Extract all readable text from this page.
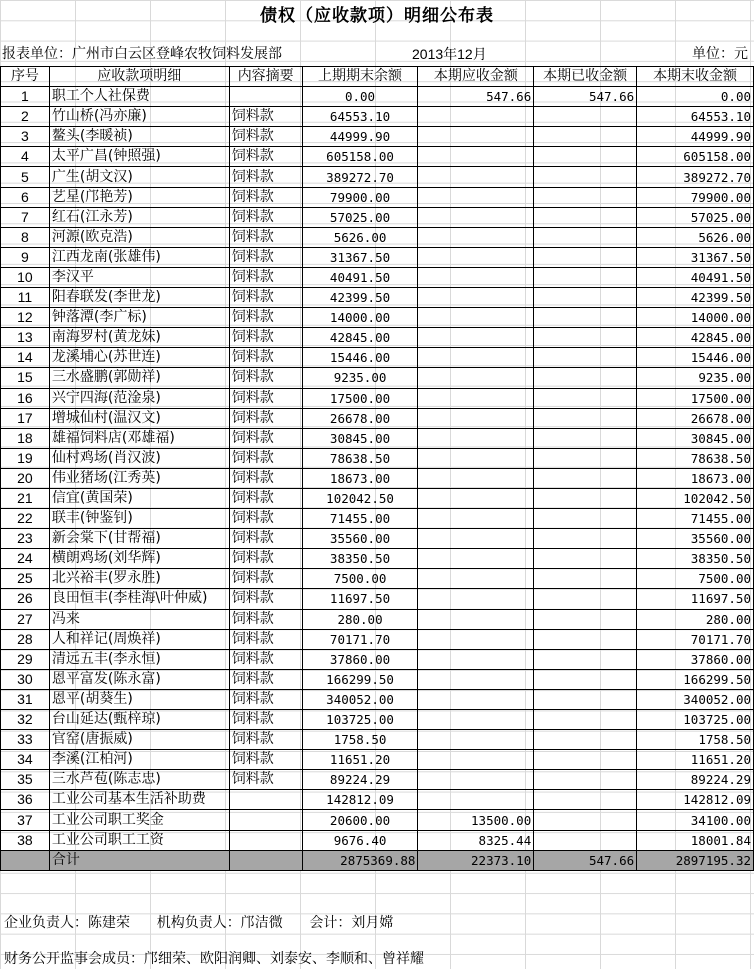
债权（应收款项）明细公布表
报表单位：广州市白云区登峰农牧饲料发展部	2013年12月	单位：元
序号	应收款项明细	内容摘要	上期期末余额	本期应收金额	本期已收金额	本期末收金额
1	职工个人社保费		0.00	547.66	547.66	0.00
2	竹山桥(冯亦廉)	饲料款	64553.10			64553.10
3	鳌头(李暖祯)	饲料款	44999.90			44999.90
4	太平广昌(钟照强)	饲料款	605158.00			605158.00
5	广生(胡文汉)	饲料款	389272.70			389272.70
6	艺星(邝艳芳)	饲料款	79900.00			79900.00
7	红石(江永芳)	饲料款	57025.00			57025.00
8	河源(欧克浩)	饲料款	5626.00			5626.00
9	江西龙南(张雄伟)	饲料款	31367.50			31367.50
10	李汉平	饲料款	40491.50			40491.50
11	阳春联发(李世龙)	饲料款	42399.50			42399.50
12	钟落潭(李广标)	饲料款	14000.00			14000.00
13	南海罗村(黄龙妹)	饲料款	42845.00			42845.00
14	龙溪埔心(苏世连)	饲料款	15446.00			15446.00
15	三水盛鹏(郭勋祥)	饲料款	9235.00			9235.00
16	兴宁四海(范淦泉)	饲料款	17500.00			17500.00
17	增城仙村(温汉文)	饲料款	26678.00			26678.00
18	雄福饲料店(邓雄福)	饲料款	30845.00			30845.00
19	仙村鸡场(肖汉波)	饲料款	78638.50			78638.50
20	伟业猪场(江秀英)	饲料款	18673.00			18673.00
21	信宜(黄国荣)	饲料款	102042.50			102042.50
22	联丰(钟鉴钊)	饲料款	71455.00			71455.00
23	新会棠下(甘帮福)	饲料款	35560.00			35560.00
24	横朗鸡场(刘华辉)	饲料款	38350.50			38350.50
25	北兴裕丰(罗永胜)	饲料款	7500.00			7500.00
26	良田恒丰(李桂海\叶仲威)	饲料款	11697.50			11697.50
27	冯来	饲料款	280.00			280.00
28	人和祥记(周焕祥)	饲料款	70171.70			70171.70
29	清远五丰(李永恒)	饲料款	37860.00			37860.00
30	恩平富发(陈永富)	饲料款	166299.50			166299.50
31	恩平(胡葵生)	饲料款	340052.00			340052.00
32	台山延达(甄梓琼)	饲料款	103725.00			103725.00
33	官窑(唐振威)	饲料款	1758.50			1758.50
34	李溪(江柏河)	饲料款	11651.20			11651.20
35	三水芦苞(陈志忠)	饲料款	89224.29			89224.29
36	工业公司基本生活补助费		142812.09			142812.09
37	工业公司职工奖金		20600.00	13500.00		34100.00
38	工业公司职工工资		9676.40	8325.44		18001.84
	合计		2875369.88	22373.10	547.66	2897195.32
企业负责人：陈建荣      机构负责人：邝洁微      会计：刘月嫦
财务公开监事会成员：邝细荣、欧阳润卿、刘泰安、李顺和、曾祥耀
